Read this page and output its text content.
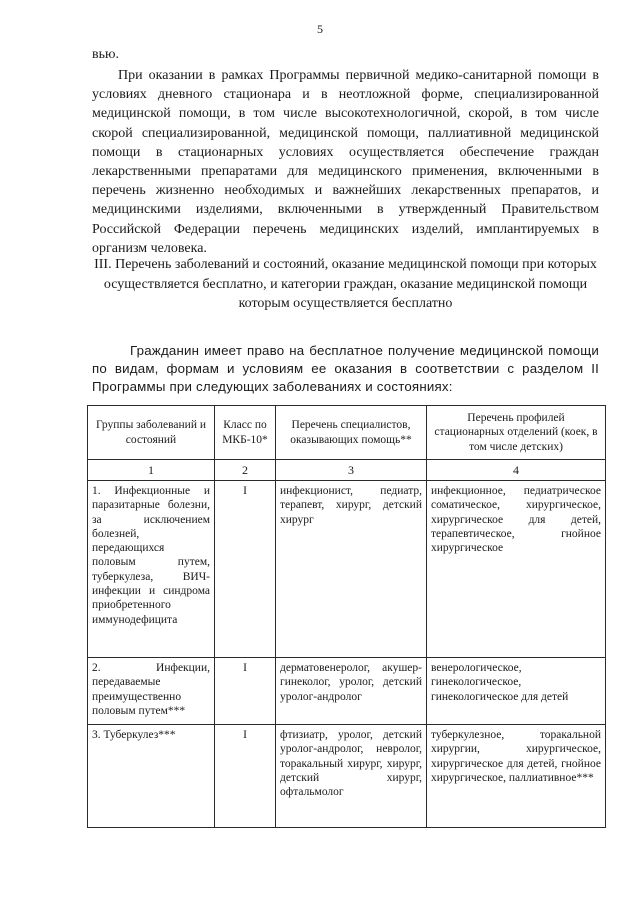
5
вью.
При оказании в рамках Программы первичной медико-санитарной помощи в условиях дневного стационара и в неотложной форме, специализированной медицинской помощи, в том числе высокотехнологичной, скорой, в том числе скорой специализированной, медицинской помощи, паллиативной медицинской помощи в стационарных условиях осуществляется обеспечение граждан лекарственными препаратами для медицинского применения, включенными в перечень жизненно необходимых и важнейших лекарственных препаратов, и медицинскими изделиями, включенными в утвержденный Правительством Российской Федерации перечень медицинских изделий, имплантируемых в организм человека.
III. Перечень заболеваний и состояний, оказание медицинской помощи при которых осуществляется бесплатно, и категории граждан, оказание медицинской помощи которым осуществляется бесплатно
Гражданин имеет право на бесплатное получение медицинской помощи по видам, формам и условиям ее оказания в соответствии с разделом II Программы при следующих заболеваниях и состояниях:
Группы заболеваний и состояний	Класс по МКБ-10*	Перечень специалистов, оказывающих помощь**	Перечень профилей стационарных отделений (коек, в том числе детских)
1	2	3	4
1. Инфекционные и паразитарные болезни, за исключением болезней, передающихся половым путем, туберкулеза, ВИЧ-инфекции и синдрома приобретенного иммунодефицита	I	инфекционист, педиатр, терапевт, хирург, детский хирург	инфекционное, педиатрическое соматическое, хирургическое, хирургическое для детей, терапевтическое, гнойное хирургическое
2. Инфекции, передаваемые преимущественно половым путем***	I	дерматовенеролог, акушер-гинеколог, уролог, детский уролог-андролог	венерологическое, гинекологическое, гинекологическое для детей
3. Туберкулез***	I	фтизиатр, уролог, детский уролог-андролог, невролог, торакальный хирург, хирург, детский хирург, офтальмолог	туберкулезное, торакальной хирургии, хирургическое, хирургическое для детей, гнойное хирургическое, паллиативное***
